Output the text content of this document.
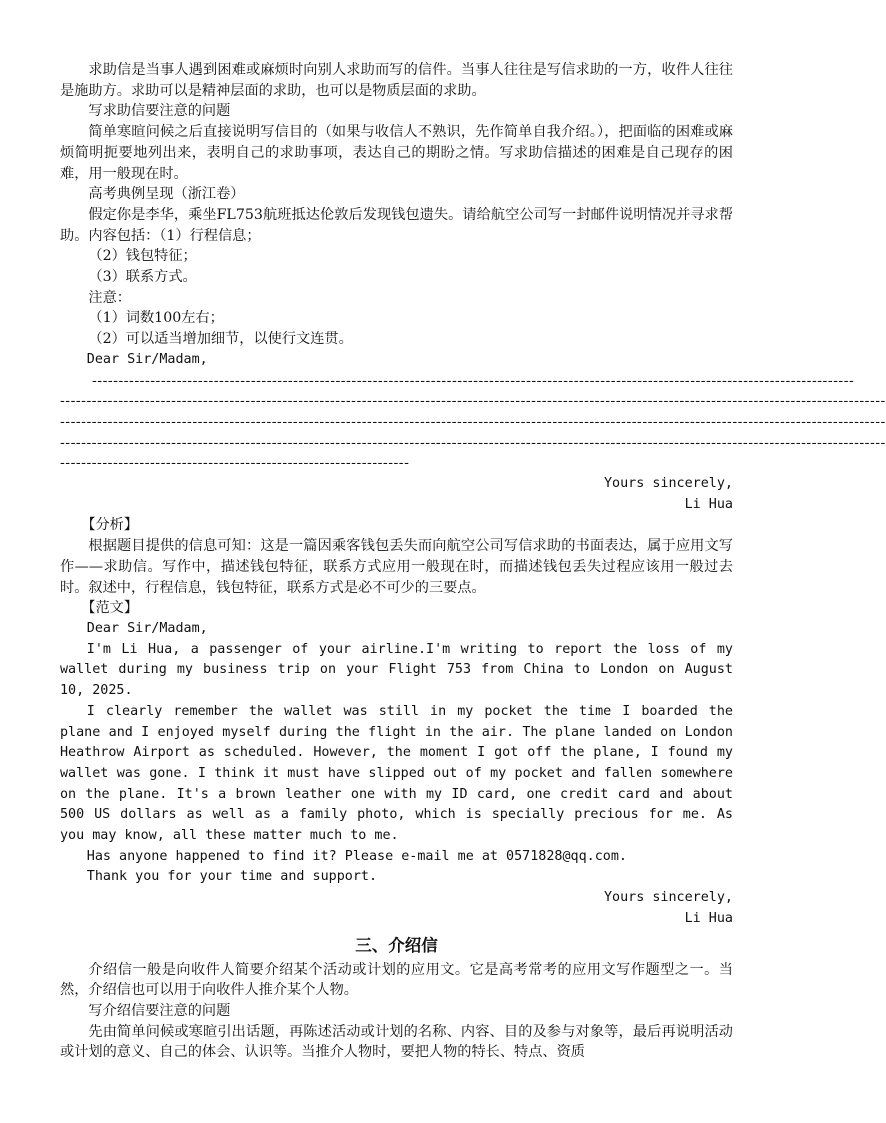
求助信是当事人遇到困难或麻烦时向别人求助而写的信件。当事人往往是写信求助的一方，收件人往往是施助方。求助可以是精神层面的求助，也可以是物质层面的求助。

写求助信要注意的问题

简单寒暄问候之后直接说明写信目的（如果与收信人不熟识，先作简单自我介绍。），把面临的困难或麻烦简明扼要地列出来，表明自己的求助事项，表达自己的期盼之情。写求助信描述的困难是自己现存的困难，用一般现在时。

高考典例呈现（浙江卷）

假定你是李华，乘坐FL753航班抵达伦敦后发现钱包遗失。请给航空公司写一封邮件说明情况并寻求帮助。内容包括：（1）行程信息；

（2）钱包特征；

（3）联系方式。

注意：

（1）词数100左右；

（2）可以适当增加细节，以使行文连贯。

Dear Sir/Madam,

------------------------------------------------------------------------------------------------------------------------------------------------

------------------------------------------------------------------------------------------------------------------------------------------------------------

------------------------------------------------------------------------------------------------------------------------------------------------------------

------------------------------------------------------------------------------------------------------------------------------------------------------------

------------------------------------------------------------------

Yours sincerely,

Li Hua

【分析】

根据题目提供的信息可知：这是一篇因乘客钱包丢失而向航空公司写信求助的书面表达，属于应用文写作——求助信。写作中，描述钱包特征，联系方式应用一般现在时，而描述钱包丢失过程应该用一般过去时。叙述中，行程信息，钱包特征，联系方式是必不可少的三要点。

【范文】

Dear Sir/Madam,

I'm Li Hua, a passenger of your airline.I'm writing to report the loss of my wallet during my business trip on your Flight 753 from China to London on August 10, 2025.

I clearly remember the wallet was still in my pocket the time I boarded the plane and I enjoyed myself during the flight in the air. The plane landed on London Heathrow Airport as scheduled. However, the moment I got off the plane, I found my wallet was gone. I think it must have slipped out of my pocket and fallen somewhere on the plane. It's a brown leather one with my ID card, one credit card and about 500 US dollars as well as a family photo, which is specially precious for me. As you may know, all these matter much to me.

Has anyone happened to find it? Please e-mail me at 0571828@qq.com.

Thank you for your time and support.

Yours sincerely,

Li Hua

三、介绍信

介绍信一般是向收件人简要介绍某个活动或计划的应用文。它是高考常考的应用文写作题型之一。当然，介绍信也可以用于向收件人推介某个人物。

写介绍信要注意的问题

先由简单问候或寒暄引出话题，再陈述活动或计划的名称、内容、目的及参与对象等，最后再说明活动或计划的意义、自己的体会、认识等。当推介人物时，要把人物的特长、特点、资质
